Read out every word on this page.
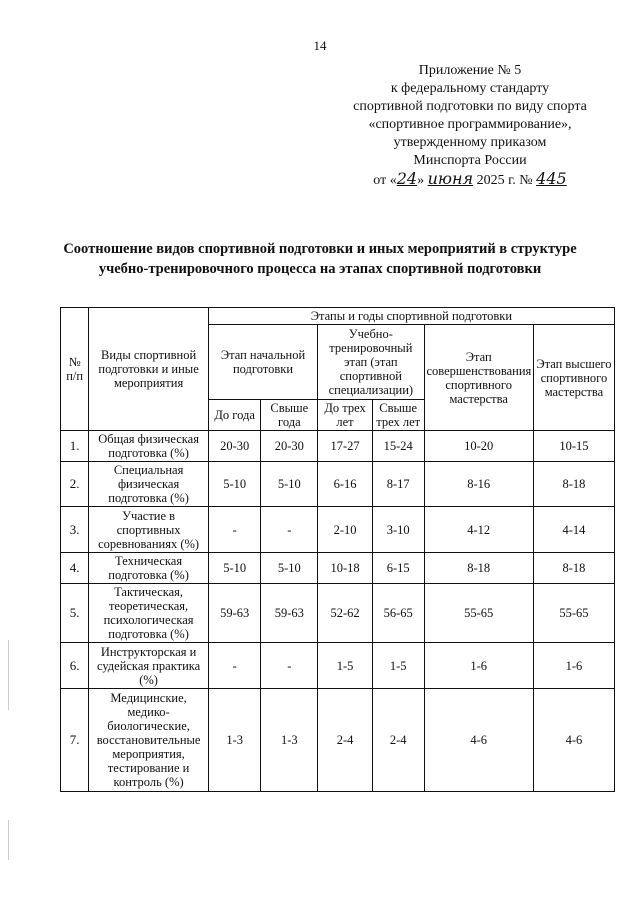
14
Приложение № 5
к федеральному стандарту
спортивной подготовки по виду спорта
«спортивное программирование»,
утвержденному приказом
Минспорта России
от «24» июня 2025 г. № 445
Соотношение видов спортивной подготовки и иных мероприятий в структуре
учебно-тренировочного процесса на этапах спортивной подготовки
№ п/п	Виды спортивной подготовки и иные мероприятия	Этапы и годы спортивной подготовки					
		Этап начальной подготовки		Учебно-тренировочный этап (этап спортивной специализации)		Этап совершенствования спортивного мастерства	Этап высшего спортивного мастерства
		До года	Свыше года	До трех лет	Свыше трех лет		
1.	Общая физическая подготовка (%)	20-30	20-30	17-27	15-24	10-20	10-15
2.	Специальная физическая подготовка (%)	5-10	5-10	6-16	8-17	8-16	8-18
3.	Участие в спортивных соревнованиях (%)	-	-	2-10	3-10	4-12	4-14
4.	Техническая подготовка (%)	5-10	5-10	10-18	6-15	8-18	8-18
5.	Тактическая, теоретическая, психологическая подготовка (%)	59-63	59-63	52-62	56-65	55-65	55-65
6.	Инструкторская и судейская практика (%)	-	-	1-5	1-5	1-6	1-6
7.	Медицинские, медико-биологические, восстановительные мероприятия, тестирование и контроль (%)	1-3	1-3	2-4	2-4	4-6	4-6
